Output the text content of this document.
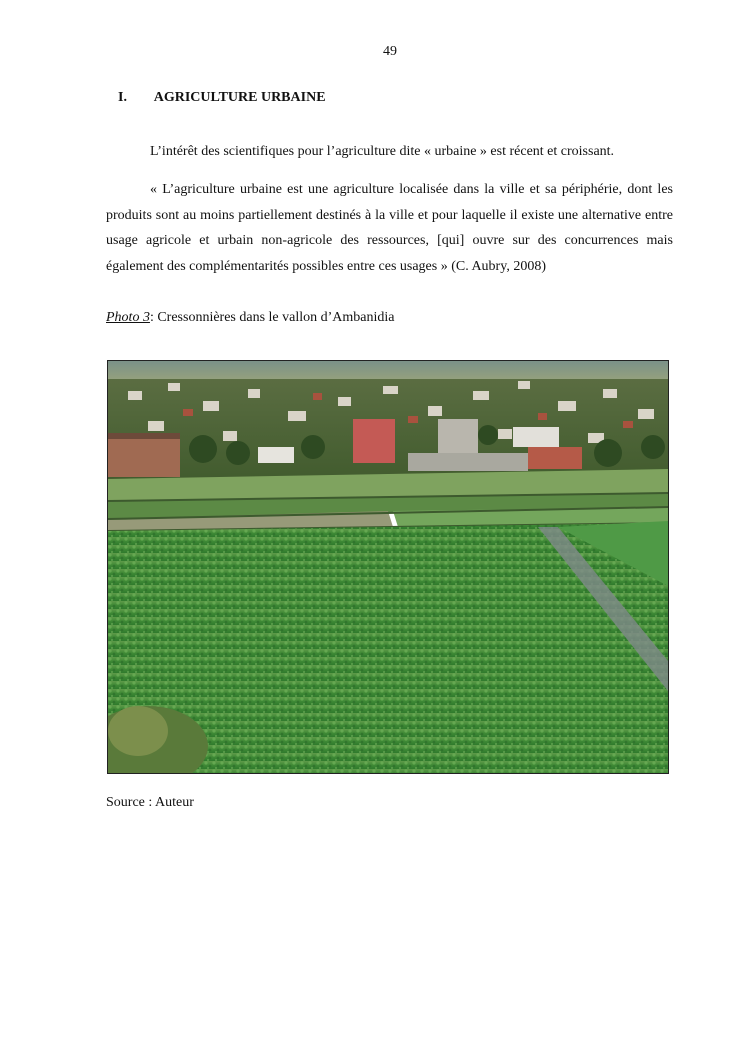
49
I. AGRICULTURE URBAINE

L’intérêt des scientifiques pour l’agriculture dite « urbaine » est récent et croissant.

« L’agriculture urbaine est une agriculture localisée dans la ville et sa périphérie, dont les produits sont au moins partiellement destinés à la ville et pour laquelle il existe une alternative entre usage agricole et urbain non-agricole des ressources, [qui] ouvre sur des concurrences mais également des complémentarités possibles entre ces usages » (C. Aubry, 2008)

Photo 3: Cressonnières dans le vallon d’Ambanidia
Source : Auteur
